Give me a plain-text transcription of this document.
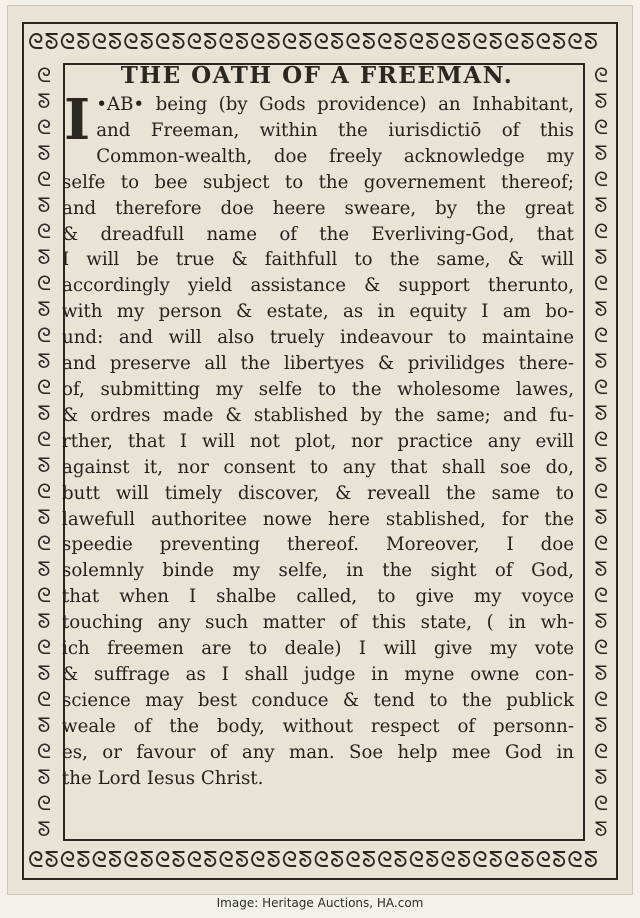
ᘓᘕᘓᘕᘓᘕᘓᘕᘓᘕᘓᘕᘓᘕᘓᘕᘓᘕᘓᘕᘓᘕᘓᘕᘓᘕᘓᘕᘓᘕᘓᘕᘓᘕᘓᘕ
ᘓᘕᘓᘕᘓᘕᘓᘕᘓᘕᘓᘕᘓᘕᘓᘕᘓᘕᘓᘕᘓᘕᘓᘕᘓᘕᘓᘕᘓᘕᘓᘕᘓᘕᘓᘕ
ᘓ
ᘕ
ᘓ
ᘕ
ᘓ
ᘕ
ᘓ
ᘕ
ᘓ
ᘕ
ᘓ
ᘕ
ᘓ
ᘕ
ᘓ
ᘕ
ᘓ
ᘕ
ᘓ
ᘕ
ᘓ
ᘕ
ᘓ
ᘕ
ᘓ
ᘕ
ᘓ
ᘕ
ᘓ
ᘕ
ᘓ
ᘕ
ᘓ
ᘕ
ᘓ
ᘕ
ᘓ
ᘕ
ᘓ
ᘕ
ᘓ
ᘕ
ᘓ
ᘕ
ᘓ
ᘕ
ᘓ
ᘕ
ᘓ
ᘕ
ᘓ
ᘕ
ᘓ
ᘕ
ᘓ
ᘕ
ᘓ
ᘕ
ᘓ
ᘕ
THE OATH OF A FREEMAN.
I •AB• being (by Gods providence) an Inhabitant,
and Freeman, within the iurisdictiō of this
Common-wealth, doe freely acknowledge my
selfe to bee subject to the governement thereof;
and therefore doe heere sweare, by the great
& dreadfull name of the Everliving-God, that
I will be true & faithfull to the same, & will
accordingly yield assistance & support therunto,
with my person & estate, as in equity I am bo-
und: and will also truely indeavour to maintaine
and preserve all the libertyes & privilidges there-
of, submitting my selfe to the wholesome lawes,
& ordres made & stablished by the same; and fu-
rther, that I will not plot, nor practice any evill
against it, nor consent to any that shall soe do,
butt will timely discover, & reveall the same to
lawefull authoritee nowe here stablished, for the
speedie preventing thereof. Moreover, I doe
solemnly binde my selfe, in the sight of God,
that when I shalbe called, to give my voyce
touching any such matter of this state, ( in wh-
ich freemen are to deale) I will give my vote
& suffrage as I shall judge in myne owne con-
science may best conduce & tend to the publick
weale of the body, without respect of personn-
es, or favour of any man. Soe help mee God in
the Lord Iesus Christ.
Image: Heritage Auctions, HA.com
